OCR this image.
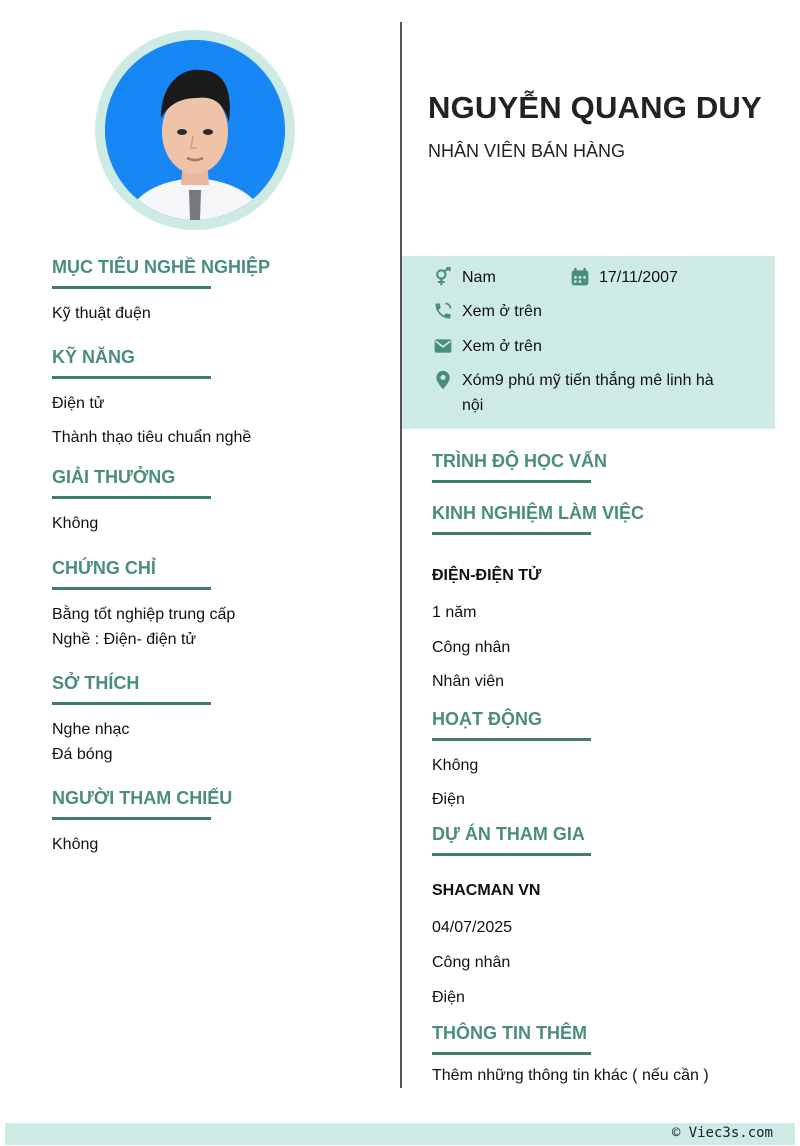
MỤC TIÊU NGHỀ NGHIỆP
Kỹ thuật đuện
KỸ NĂNG
Điện tử
Thành thạo tiêu chuẩn nghề
GIẢI THƯỞNG
Không
CHỨNG CHỈ
Bằng tốt nghiệp trung cấp
Nghề : Điện- điện tử
SỞ THÍCH
Nghe nhạc
Đá bóng
NGƯỜI THAM CHIẾU
Không
NGUYỄN QUANG DUY
NHÂN VIÊN BÁN HÀNG
Nam	17/11/2007
Xem ở trên
Xem ở trên
Xóm9 phú mỹ tiến thắng mê linh hà
nội
TRÌNH ĐỘ HỌC VẤN
KINH NGHIỆM LÀM VIỆC
ĐIỆN-ĐIỆN TỬ
1 năm
Công nhân
Nhân viên
HOẠT ĐỘNG
Không
Điện
DỰ ÁN THAM GIA
SHACMAN VN
04/07/2025
Công nhân
Điện
THÔNG TIN THÊM
Thêm những thông tin khác ( nếu cần )
© Viec3s.com
